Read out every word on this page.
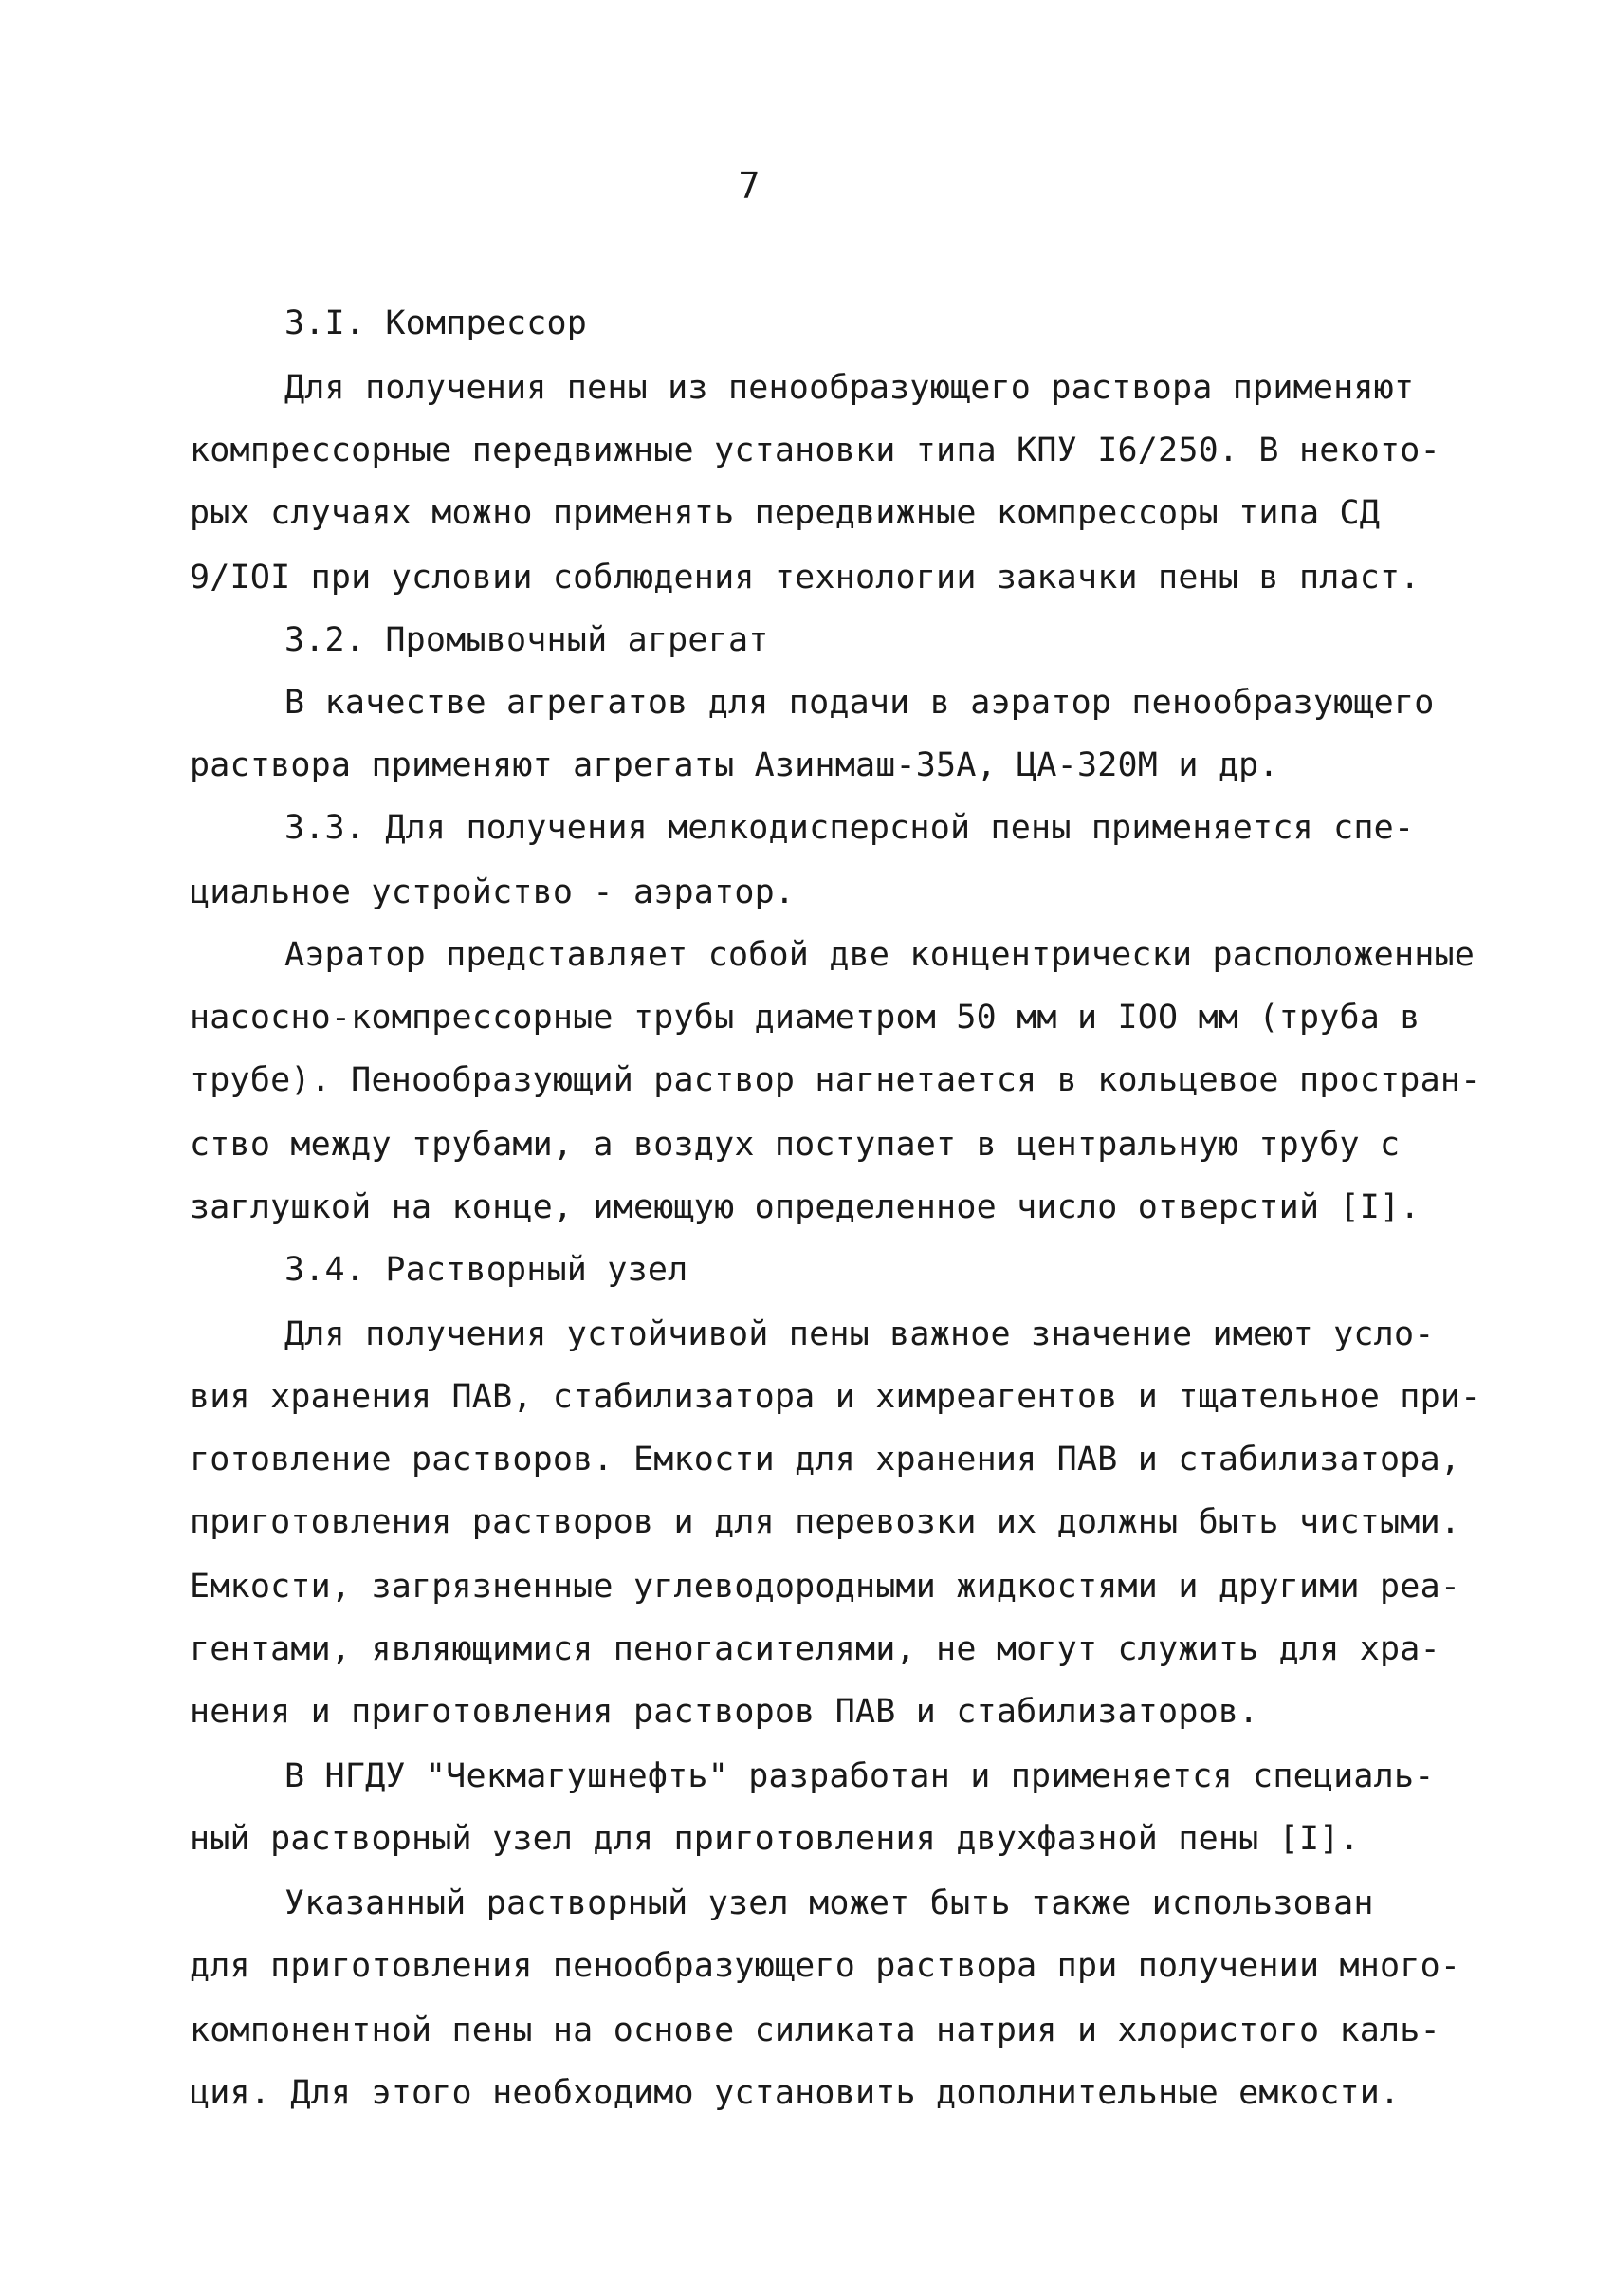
7
3.I. Компрессор
Для получения пены из пенообразующего раствора применяют
компрессорные передвижные установки типа КПУ I6/250. В некото-
рых случаях можно применять передвижные компрессоры типа СД
9/IOI при условии соблюдения технологии закачки пены в пласт.
3.2. Промывочный агрегат
В качестве агрегатов для подачи в аэратор пенообразующего
раствора применяют агрегаты Азинмаш-35А, ЦА-320М и др.
3.3. Для получения мелкодисперсной пены применяется спе-
циальное устройство - аэратор.
Аэратор представляет собой две концентрически расположенные
насосно-компрессорные трубы диаметром 50 мм и IOO мм (труба в
трубе). Пенообразующий раствор нагнетается в кольцевое простран-
ство между трубами, а воздух поступает в центральную трубу с
заглушкой на конце, имеющую определенное число отверстий [I].
3.4. Растворный узел
Для получения устойчивой пены важное значение имеют усло-
вия хранения ПАВ, стабилизатора и химреагентов и тщательное при-
готовление растворов. Емкости для хранения ПАВ и стабилизатора,
приготовления растворов и для перевозки их должны быть чистыми.
Емкости, загрязненные углеводородными жидкостями и другими реа-
гентами, являющимися пеногасителями, не могут служить для хра-
нения и приготовления растворов ПАВ и стабилизаторов.
В НГДУ "Чекмагушнефть" разработан и применяется специаль-
ный растворный узел для приготовления двухфазной пены [I].
Указанный растворный узел может быть также использован
для приготовления пенообразующего раствора при получении много-
компонентной пены на основе силиката натрия и хлористого каль-
ция. Для этого необходимо установить дополнительные емкости.
